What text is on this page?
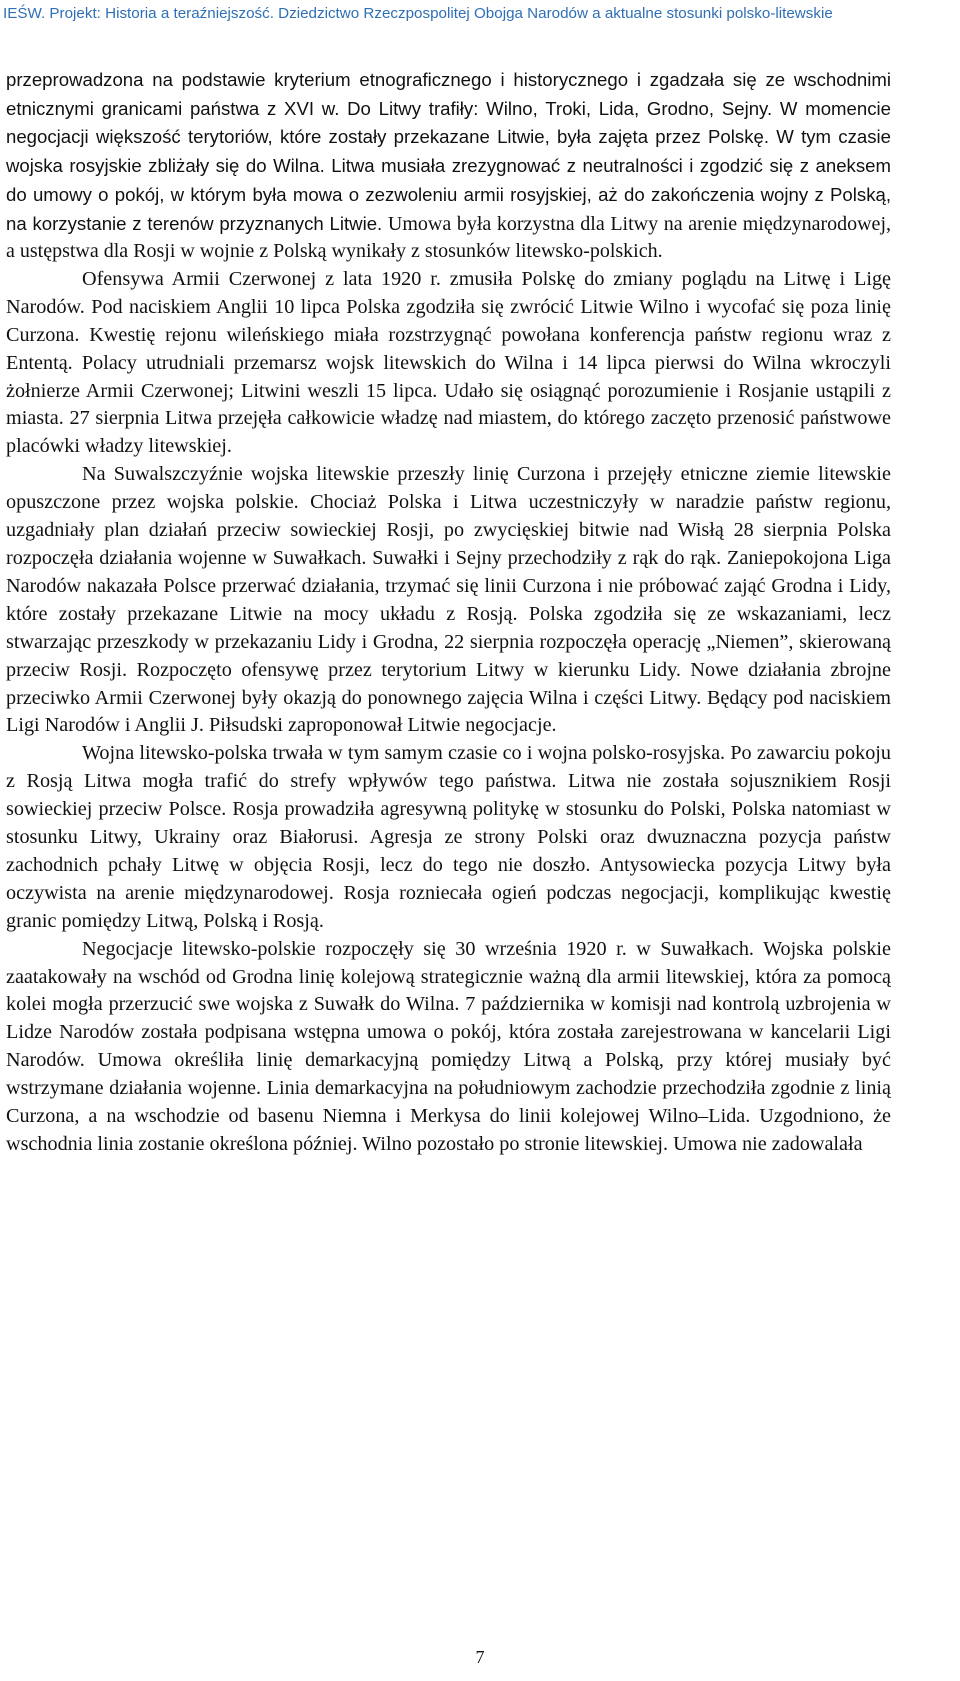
IEŚW. Projekt: Historia a teraźniejszość. Dziedzictwo Rzeczpospolitej Obojga Narodów a aktualne stosunki polsko-litewskie

przeprowadzona na podstawie kryterium etnograficznego i historycznego i zgadzała się ze wschodnimi etnicznymi granicami państwa z XVI w. Do Litwy trafiły: Wilno, Troki, Lida, Grodno, Sejny. W momencie negocjacji większość terytoriów, które zostały przekazane Litwie, była zajęta przez Polskę. W tym czasie wojska rosyjskie zbliżały się do Wilna. Litwa musiała zrezygnować z neutralności i zgodzić się z aneksem do umowy o pokój, w którym była mowa o zezwoleniu armii rosyjskiej, aż do zakończenia wojny z Polską, na korzystanie z terenów przyznanych Litwie. Umowa była korzystna dla Litwy na arenie międzynarodowej, a ustępstwa dla Rosji w wojnie z Polską wynikały z stosunków litewsko-polskich.

Ofensywa Armii Czerwonej z lata 1920 r. zmusiła Polskę do zmiany poglądu na Litwę i Ligę Narodów. Pod naciskiem Anglii 10 lipca Polska zgodziła się zwrócić Litwie Wilno i wycofać się poza linię Curzona. Kwestię rejonu wileńskiego miała rozstrzygnąć powołana konferencja państw regionu wraz z Ententą. Polacy utrudniali przemarsz wojsk litewskich do Wilna i 14 lipca pierwsi do Wilna wkroczyli żołnierze Armii Czerwonej; Litwini weszli 15 lipca. Udało się osiągnąć porozumienie i Rosjanie ustąpili z miasta. 27 sierpnia Litwa przejęła całkowicie władzę nad miastem, do którego zaczęto przenosić państwowe placówki władzy litewskiej.

Na Suwalszczyźnie wojska litewskie przeszły linię Curzona i przejęły etniczne ziemie litewskie opuszczone przez wojska polskie. Chociaż Polska i Litwa uczestniczyły w naradzie państw regionu, uzgadniały plan działań przeciw sowieckiej Rosji, po zwycięskiej bitwie nad Wisłą 28 sierpnia Polska rozpoczęła działania wojenne w Suwałkach. Suwałki i Sejny przechodziły z rąk do rąk. Zaniepokojona Liga Narodów nakazała Polsce przerwać działania, trzymać się linii Curzona i nie próbować zająć Grodna i Lidy, które zostały przekazane Litwie na mocy układu z Rosją. Polska zgodziła się ze wskazaniami, lecz stwarzając przeszkody w przekazaniu Lidy i Grodna, 22 sierpnia rozpoczęła operację „Niemen”, skierowaną przeciw Rosji. Rozpoczęto ofensywę przez terytorium Litwy w kierunku Lidy. Nowe działania zbrojne przeciwko Armii Czerwonej były okazją do ponownego zajęcia Wilna i części Litwy. Będący pod naciskiem Ligi Narodów i Anglii J. Piłsudski zaproponował Litwie negocjacje.

Wojna litewsko-polska trwała w tym samym czasie co i wojna polsko-rosyjska. Po zawarciu pokoju z Rosją Litwa mogła trafić do strefy wpływów tego państwa. Litwa nie została sojusznikiem Rosji sowieckiej przeciw Polsce. Rosja prowadziła agresywną politykę w stosunku do Polski, Polska natomiast w stosunku Litwy, Ukrainy oraz Białorusi. Agresja ze strony Polski oraz dwuznaczna pozycja państw zachodnich pchały Litwę w objęcia Rosji, lecz do tego nie doszło. Antysowiecka pozycja Litwy była oczywista na arenie międzynarodowej. Rosja rozniecała ogień podczas negocjacji, komplikując kwestię granic pomiędzy Litwą, Polską i Rosją.

Negocjacje litewsko-polskie rozpoczęły się 30 września 1920 r. w Suwałkach. Wojska polskie zaatakowały na wschód od Grodna linię kolejową strategicznie ważną dla armii litewskiej, która za pomocą kolei mogła przerzucić swe wojska z Suwałk do Wilna. 7 października w komisji nad kontrolą uzbrojenia w Lidze Narodów została podpisana wstępna umowa o pokój, która została zarejestrowana w kancelarii Ligi Narodów. Umowa określiła linię demarkacyjną pomiędzy Litwą a Polską, przy której musiały być wstrzymane działania wojenne. Linia demarkacyjna na południowym zachodzie przechodziła zgodnie z linią Curzona, a na wschodzie od basenu Niemna i Merkysa do linii kolejowej Wilno–Lida. Uzgodniono, że wschodnia linia zostanie określona później. Wilno pozostało po stronie litewskiej. Umowa nie zadowalała

7
